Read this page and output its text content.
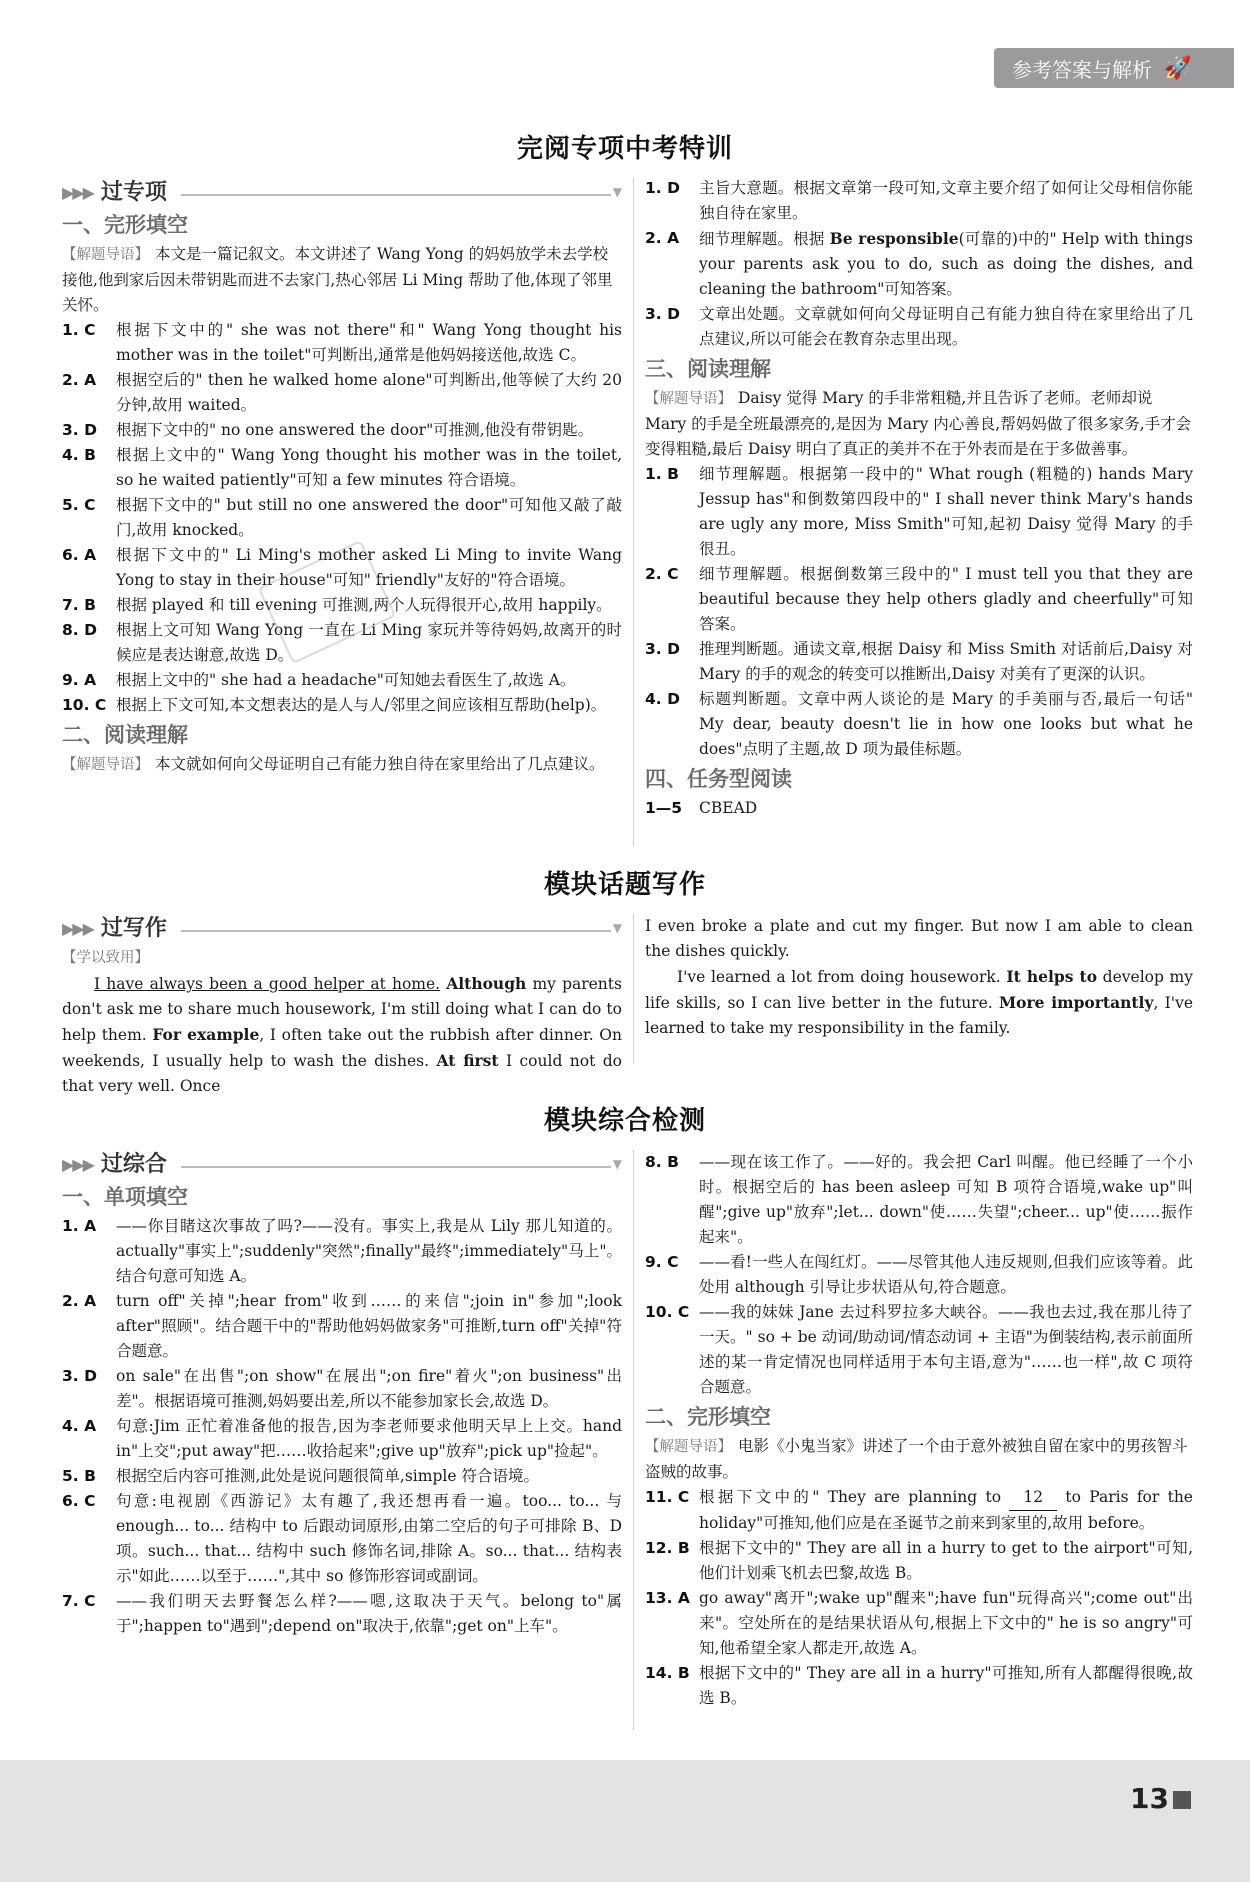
参考答案与解析 🚀
完阅专项中考特训
▶▶▶ 过专项	▼
一、完形填空

【解题导语】 本文是一篇记叙文。本文讲述了 Wang Yong 的妈妈放学未去学校接他,他到家后因未带钥匙而进不去家门,热心邻居 Li Ming 帮助了他,体现了邻里关怀。

1. C	根据下文中的" she was not there"和" Wang Yong thought his mother was in the toilet"可判断出,通常是他妈妈接送他,故选 C。
2. A	根据空后的" then he walked home alone"可判断出,他等候了大约 20 分钟,故用 waited。
3. D	根据下文中的" no one answered the door"可推测,他没有带钥匙。
4. B	根据上文中的" Wang Yong thought his mother was in the toilet, so he waited patiently"可知 a few minutes 符合语境。
5. C	根据下文中的" but still no one answered the door"可知他又敲了敲门,故用 knocked。
6. A	根据下文中的" Li Ming's mother asked Li Ming to invite Wang Yong to stay in their house"可知" friendly"友好的"符合语境。
7. B	根据 played 和 till evening 可推测,两个人玩得很开心,故用 happily。
8. D	根据上文可知 Wang Yong 一直在 Li Ming 家玩并等待妈妈,故离开的时候应是表达谢意,故选 D。
9. A	根据上文中的" she had a headache"可知她去看医生了,故选 A。
10. C 根据上下文可知,本文想表达的是人与人/邻里之间应该相互帮助(help)。
二、阅读理解

【解题导语】 本文就如何向父母证明自己有能力独自待在家里给出了几点建议。

1. D	主旨大意题。根据文章第一段可知,文章主要介绍了如何让父母相信你能独自待在家里。
2. A	细节理解题。根据 Be responsible(可靠的)中的" Help with things your parents ask you to do, such as doing the dishes, and cleaning the bathroom"可知答案。
3. D	文章出处题。文章就如何向父母证明自己有能力独自待在家里给出了几点建议,所以可能会在教育杂志里出现。
三、阅读理解

【解题导语】 Daisy 觉得 Mary 的手非常粗糙,并且告诉了老师。老师却说 Mary 的手是全班最漂亮的,是因为 Mary 内心善良,帮妈妈做了很多家务,手才会变得粗糙,最后 Daisy 明白了真正的美并不在于外表而是在于多做善事。

1. B	细节理解题。根据第一段中的" What rough (粗糙的) hands Mary Jessup has"和倒数第四段中的" I shall never think Mary's hands are ugly any more, Miss Smith"可知,起初 Daisy 觉得 Mary 的手很丑。
2. C	细节理解题。根据倒数第三段中的" I must tell you that they are beautiful because they help others gladly and cheerfully"可知答案。
3. D	推理判断题。通读文章,根据 Daisy 和 Miss Smith 对话前后,Daisy 对 Mary 的手的观念的转变可以推断出,Daisy 对美有了更深的认识。
4. D	标题判断题。文章中两人谈论的是 Mary 的手美丽与否,最后一句话" My dear, beauty doesn't lie in how one looks but what he does"点明了主题,故 D 项为最佳标题。
四、任务型阅读
1—5	CBEAD
模块话题写作
▶▶▶ 过写作	▼
【学以致用】

I have always been a good helper at home. Although my parents don't ask me to share much housework, I'm still doing what I can do to help them. For example, I often take out the rubbish after dinner. On weekends, I usually help to wash the dishes. At first I could not do that very well. Once

I even broke a plate and cut my finger. But now I am able to clean the dishes quickly.

I've learned a lot from doing housework. It helps to develop my life skills, so I can live better in the future. More importantly, I've learned to take my responsibility in the family.

模块综合检测
▶▶▶ 过综合	▼
一、单项填空
1. A	——你目睹这次事故了吗?——没有。事实上,我是从 Lily 那儿知道的。actually"事实上";suddenly"突然";finally"最终";immediately"马上"。结合句意可知选 A。
2. A	turn off"关掉";hear from"收到……的来信";join in"参加";look after"照顾"。结合题干中的"帮助他妈妈做家务"可推断,turn off"关掉"符合题意。
3. D	on sale"在出售";on show"在展出";on fire"着火";on business"出差"。根据语境可推测,妈妈要出差,所以不能参加家长会,故选 D。
4. A	句意:Jim 正忙着准备他的报告,因为李老师要求他明天早上上交。hand in"上交";put away"把……收拾起来";give up"放弃";pick up"捡起"。
5. B	根据空后内容可推测,此处是说问题很简单,simple 符合语境。
6. C	句意:电视剧《西游记》太有趣了,我还想再看一遍。too... to... 与 enough... to... 结构中 to 后跟动词原形,由第二空后的句子可排除 B、D 项。such... that... 结构中 such 修饰名词,排除 A。so... that... 结构表示"如此……以至于……",其中 so 修饰形容词或副词。
7. C	——我们明天去野餐怎么样?——嗯,这取决于天气。belong to"属于";happen to"遇到";depend on"取决于,依靠";get on"上车"。
8. B	——现在该工作了。——好的。我会把 Carl 叫醒。他已经睡了一个小时。根据空后的 has been asleep 可知 B 项符合语境,wake up"叫醒";give up"放弃";let... down"使……失望";cheer... up"使……振作起来"。
9. C	——看!一些人在闯红灯。——尽管其他人违反规则,但我们应该等着。此处用 although 引导让步状语从句,符合题意。
10. C ——我的妹妹 Jane 去过科罗拉多大峡谷。——我也去过,我在那儿待了一天。" so + be 动词/助动词/情态动词 + 主语"为倒装结构,表示前面所述的某一肯定情况也同样适用于本句主语,意为"……也一样",故 C 项符合题意。
二、完形填空

【解题导语】 电影《小鬼当家》讲述了一个由于意外被独自留在家中的男孩智斗盗贼的故事。

11. C 根据下文中的" They are planning to 12 to Paris for the holiday"可推知,他们应是在圣诞节之前来到家里的,故用 before。
12. B 根据下文中的" They are all in a hurry to get to the airport"可知,他们计划乘飞机去巴黎,故选 B。
13. A go away"离开";wake up"醒来";have fun"玩得高兴";come out"出来"。空处所在的是结果状语从句,根据上下文中的" he is so angry"可知,他希望全家人都走开,故选 A。
14. B 根据下文中的" They are all in a hurry"可推知,所有人都醒得很晚,故选 B。
13
